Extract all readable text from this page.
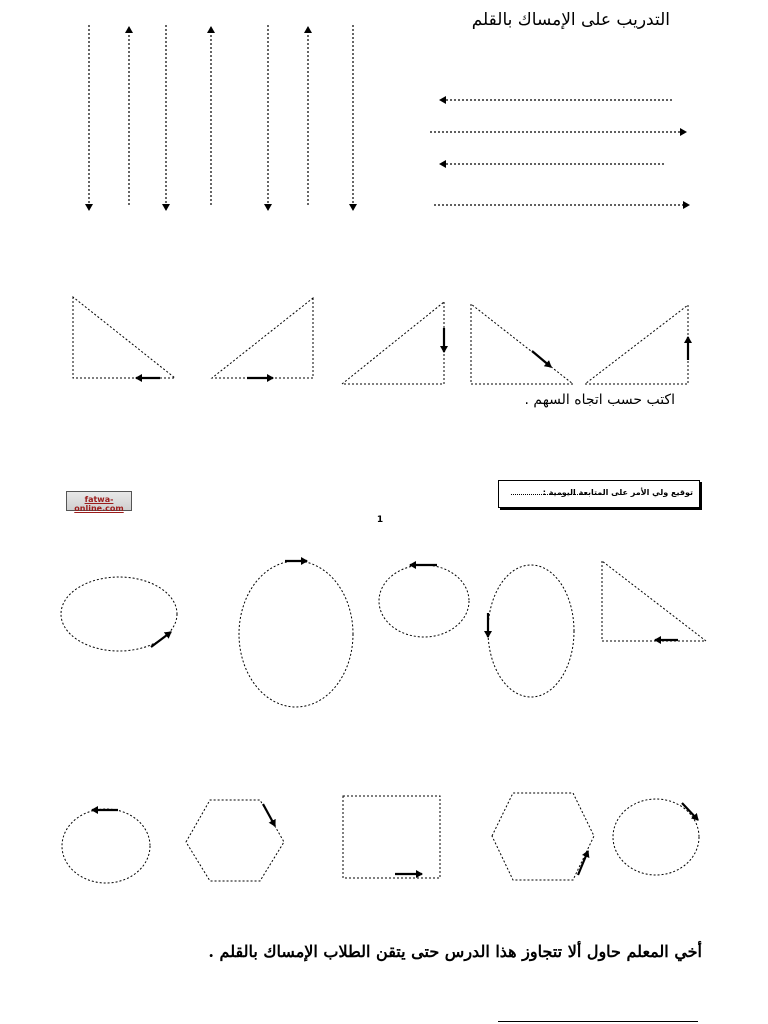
التدريب على الإمساك بالقلم
اكتب حسب اتجاه السهم .
fatwa-online.com
توقيع ولي الأمر على المتابعة اليومية :
1
أخي المعلم حاول ألا تتجاوز هذا الدرس حتى يتقن الطلاب الإمساك بالقلم .
